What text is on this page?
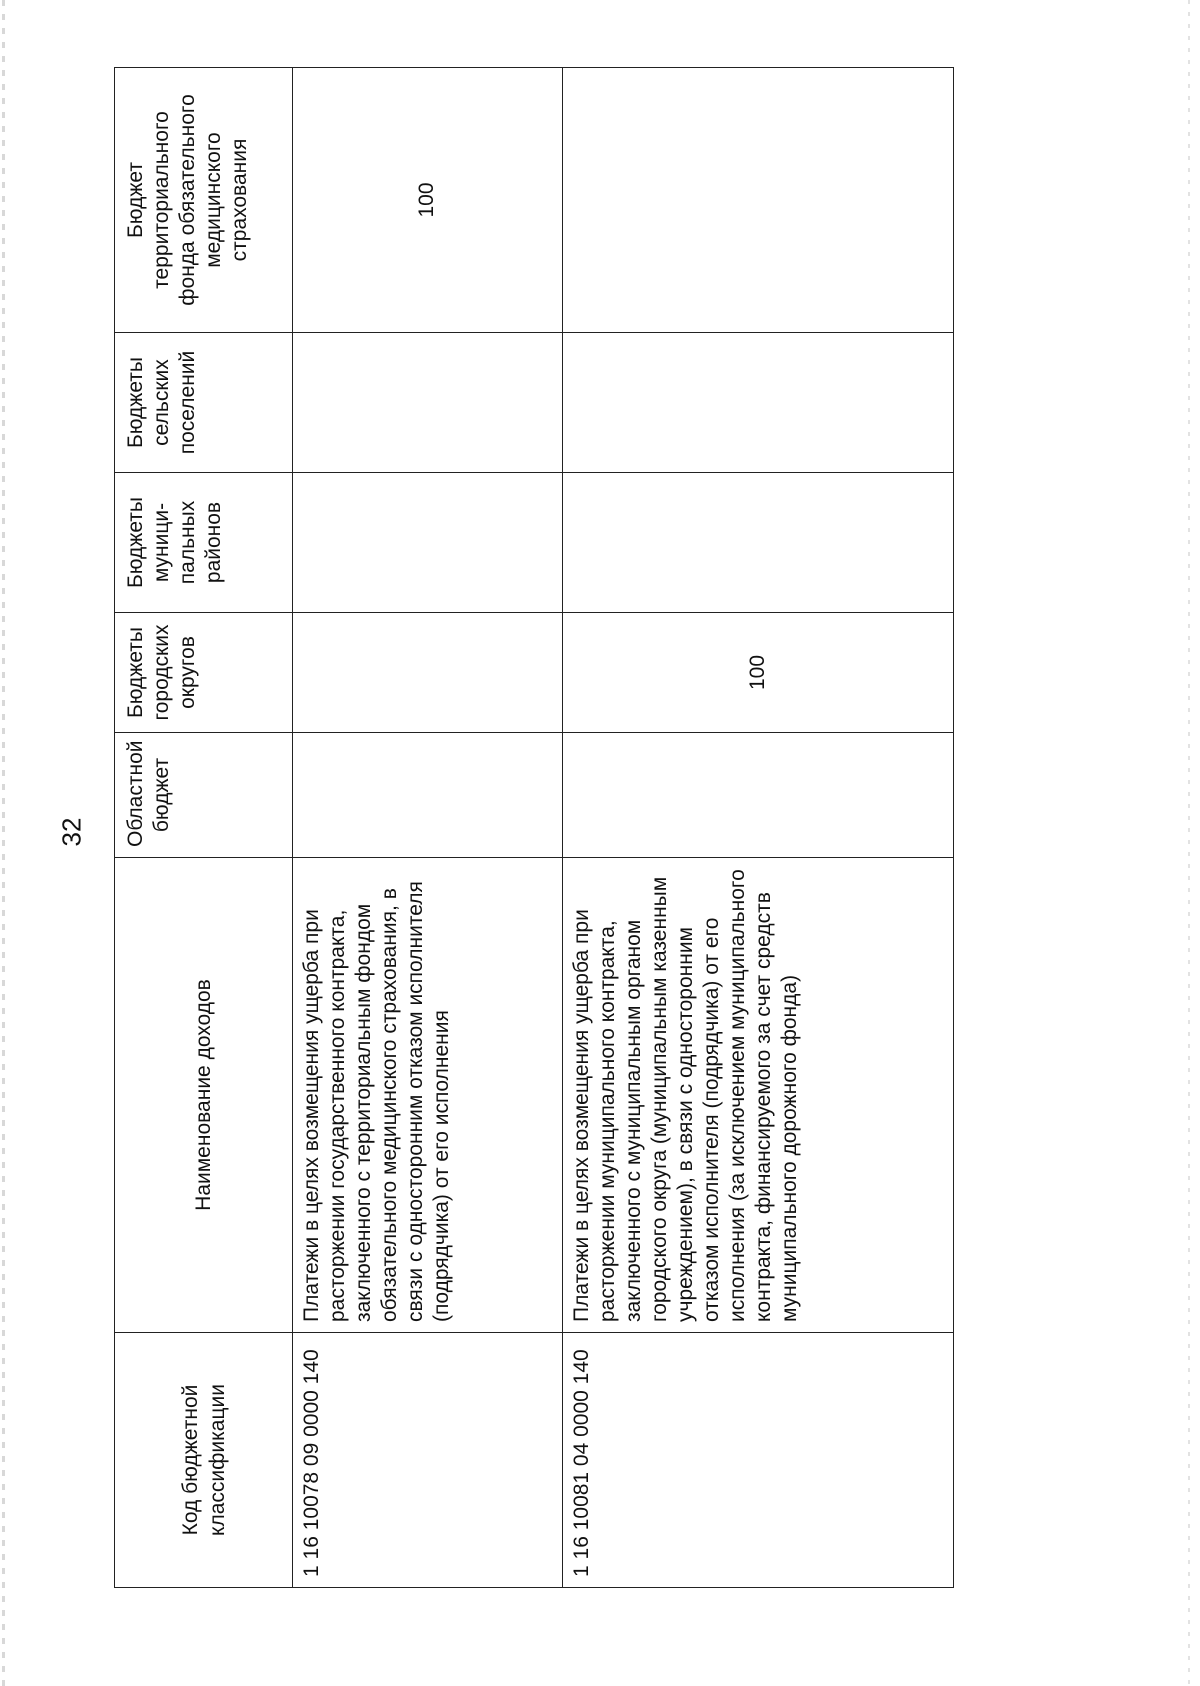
32
Код бюджетной классификации	Наименование доходов	Областной бюджет	Бюджеты городских округов	Бюджеты муници-пальных районов	Бюджеты сельских поселений	Бюджет территориального фонда обязательного медицинского страхования
1 16 10078 09 0000 140	Платежи в целях возмещения ущерба при расторжении государственного контракта, заключенного с территориальным фондом обязательного медицинского страхования, в связи с односторонним отказом исполнителя (подрядчика) от его исполнения					100
1 16 10081 04 0000 140	Платежи в целях возмещения ущерба при расторжении муниципального контракта, заключенного с муниципальным органом городского округа (муниципальным казенным учреждением), в связи с односторонним отказом исполнителя (подрядчика) от его исполнения (за исключением муниципального контракта, финансируемого за счет средств муниципального дорожного фонда)		100			
